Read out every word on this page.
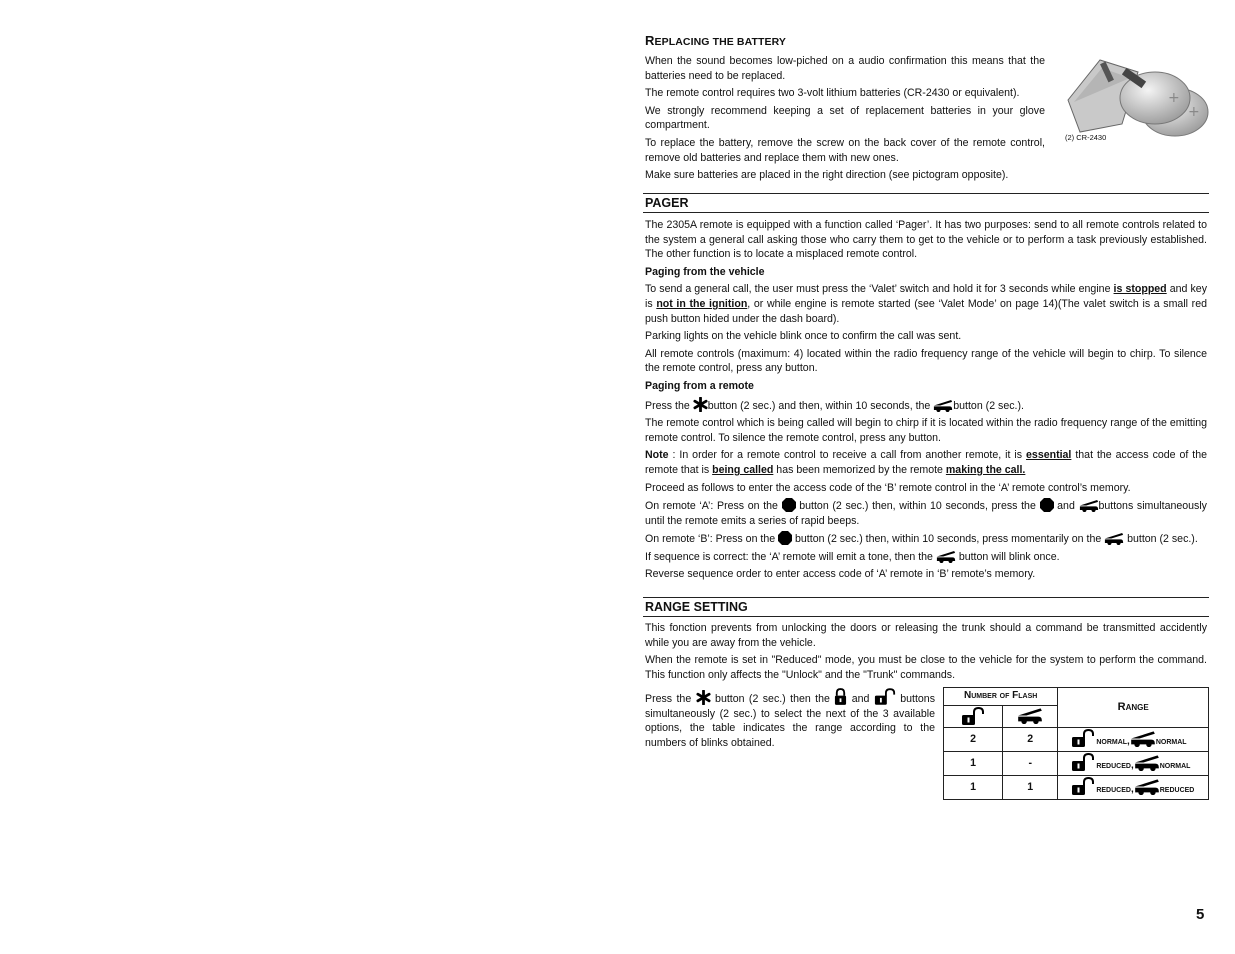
REPLACING THE BATTERY

When the sound becomes low-piched on a audio confirmation this means that the batteries need to be replaced.

The remote control requires two 3-volt lithium batteries (CR-2430 or equivalent).

We strongly recommend keeping a set of replacement batteries in your glove compartment.

To replace the battery, remove the screw on the back cover of the remote control, remove old batteries and replace them with new ones.

Make sure batteries are placed in the right direction (see pictogram opposite).

+
+
(2) CR-2430
PAGER

The 2305A remote is equipped with a function called ‘Pager’. It has two purposes: send to all remote controls related to the system a general call asking those who carry them to get to the vehicle or to perform a task previously established. The other function is to locate a misplaced remote control.

Paging from the vehicle

To send a general call, the user must press the ‘Valet’ switch and hold it for 3 seconds while engine is stopped and key is not in the ignition, or while engine is remote started (see ‘Valet Mode’ on page 14)(The valet switch is a small red push button hided under the dash board).

Parking lights on the vehicle blink once to confirm the call was sent.

All remote controls (maximum: 4) located within the radio frequency range of the vehicle will begin to chirp. To silence the remote control, press any button.

Paging from a remote

Press the button (2 sec.) and then, within 10 seconds, the button (2 sec.).

The remote control which is being called will begin to chirp if it is located within the radio frequency range of the emitting remote control. To silence the remote control, press any button.

Note : In order for a remote control to receive a call from another remote, it is essential that the access code of the remote that is being called has been memorized by the remote making the call.

Proceed as follows to enter the access code of the ‘B’ remote control in the ‘A’ remote control’s memory.

On remote ‘A’: Press on the  button (2 sec.) then, within 10 seconds, press the  and buttons simultaneously until the remote emits a series of rapid beeps.

On remote ‘B’: Press on the  button (2 sec.) then, within 10 seconds, press momentarily on the  button (2 sec.).

If sequence is correct: the ‘A’ remote will emit a tone, then the  button will blink once.

Reverse sequence order to enter access code of ‘A’ remote in ‘B’ remote’s memory.

RANGE SETTING

This fonction prevents from unlocking the doors or releasing the trunk should a command be transmitted accidently while you are away from the vehicle.

When the remote is set in "Reduced" mode, you must be close to the vehicle for the system to perform the command. This function only affects the "Unlock" and the "Trunk" commands.

Press the  button (2 sec.) then the  and  buttons simultaneously (2 sec.) to select the next of the 3 available options, the table indicates the range according to the numbers of blinks obtained.
Number of Flash		Range

2	2	normal, normal
1	-	reduced, normal
1	1	reduced, reduced
5
